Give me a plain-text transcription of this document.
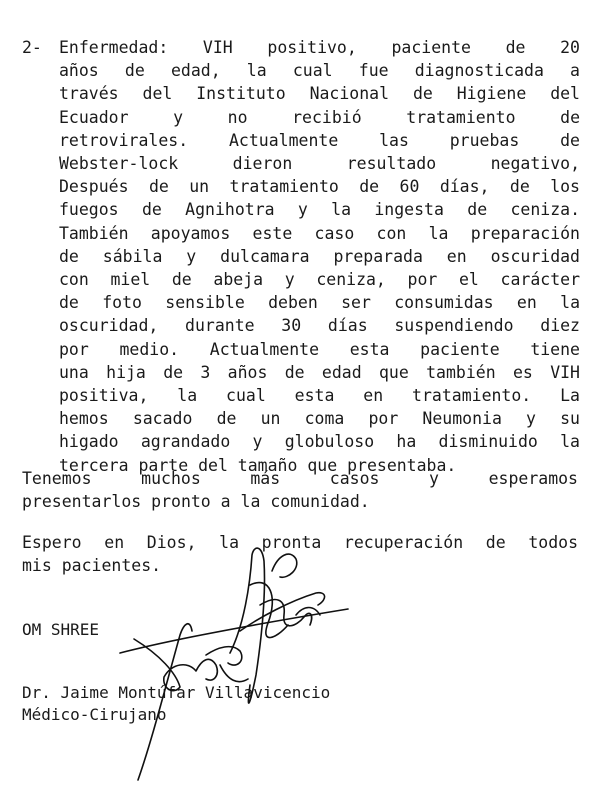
2- Enfermedad: VIH positivo, paciente de 20
años de edad, la cual fue diagnosticada a
través del Instituto Nacional de Higiene del
Ecuador y no recibió tratamiento de
retrovirales. Actualmente las pruebas de
Webster-lock dieron resultado negativo,
Después de un tratamiento de 60 días, de los
fuegos de Agnihotra y la ingesta de ceniza.
También apoyamos este caso con la preparación
de sábila y dulcamara preparada en oscuridad
con miel de abeja y ceniza, por el carácter
de foto sensible deben ser consumidas en la
oscuridad, durante 30 días suspendiendo diez
por medio. Actualmente esta paciente tiene
una hija de 3 años de edad que también es VIH
positiva, la cual esta en tratamiento. La
hemos sacado de un coma por Neumonia y su
higado agrandado y globuloso ha disminuido la
tercera parte del tamaño que presentaba.
Tenemos muchos más casos y esperamos
presentarlos pronto a la comunidad.
Espero en Dios, la pronta recuperación de todos
mis pacientes.
OM SHREE
Dr. Jaime Montúfar Villavicencio
Médico-Cirujano
